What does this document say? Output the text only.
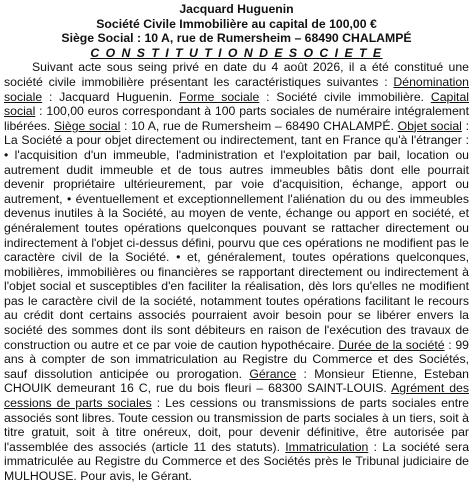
Jacquard Huguenin

Société Civile Immobilière au capital de 100,00 €

Siège Social : 10 A, rue de Rumersheim – 68490 CHALAMPÉ

C O N S T I T U T I O N D E S O C I E T E

Suivant acte sous seing privé en date du 4 août 2026, il a été constitué une société civile immobilière présentant les caractéristiques suivantes : Dénomination sociale : Jacquard Huguenin. Forme sociale : Société civile immobilière. Capital social : 100,00 euros correspondant à 100 parts sociales de numéraire intégralement libérées. Siège social : 10 A, rue de Rumersheim – 68490 CHALAMPÉ. Objet social : La Société a pour objet directement ou indirectement, tant en France qu'à l'étranger : • l'acquisition d'un immeuble, l'administration et l'exploitation par bail, location ou autrement dudit immeuble et de tous autres immeubles bâtis dont elle pourrait devenir propriétaire ultérieurement, par voie d'acquisition, échange, apport ou autrement, • éventuellement et exceptionnellement l'aliénation du ou des immeubles devenus inutiles à la Société, au moyen de vente, échange ou apport en société, et généralement toutes opérations quelconques pouvant se rattacher directement ou indirectement à l'objet ci-dessus défini, pourvu que ces opérations ne modifient pas le caractère civil de la Société. • et, généralement, toutes opérations quelconques, mobilières, immobilières ou financières se rapportant directement ou indirectement à l'objet social et susceptibles d'en faciliter la réalisation, dès lors qu'elles ne modifient pas le caractère civil de la société, notamment toutes opérations facilitant le recours au crédit dont certains associés pourraient avoir besoin pour se libérer envers la société des sommes dont ils sont débiteurs en raison de l'exécution des travaux de construction ou autre et ce par voie de caution hypothécaire. Durée de la société : 99 ans à compter de son immatriculation au Registre du Commerce et des Sociétés, sauf dissolution anticipée ou prorogation. Gérance : Monsieur Etienne, Esteban CHOUIK demeurant 16 C, rue du bois fleuri – 68300 SAINT-LOUIS. Agrément des cessions de parts sociales : Les cessions ou transmissions de parts sociales entre associés sont libres. Toute cession ou transmission de parts sociales à un tiers, soit à titre gratuit, soit à titre onéreux, doit, pour devenir définitive, être autorisée par l'assemblée des associés (article 11 des statuts). Immatriculation : La société sera immatriculée au Registre du Commerce et des Sociétés près le Tribunal judiciaire de MULHOUSE. Pour avis, le Gérant.
